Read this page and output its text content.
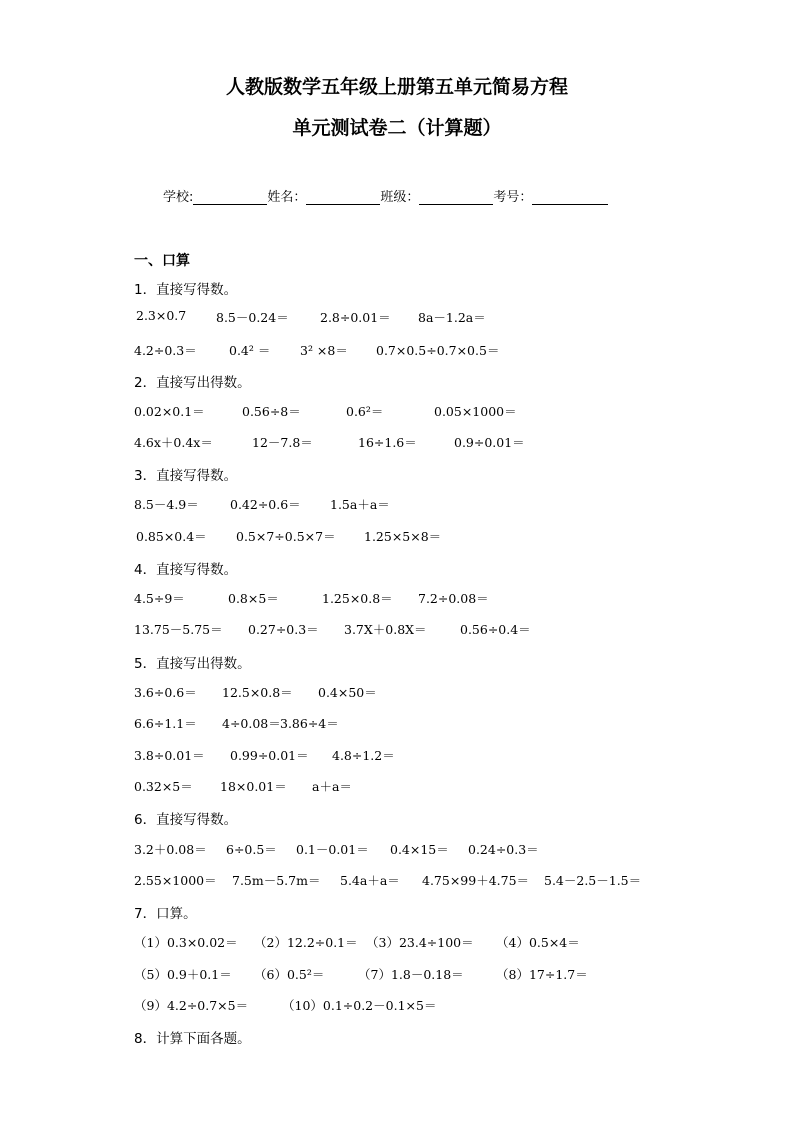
人教版数学五年级上册第五单元简易方程
单元测试卷二（计算题）
学校:	姓名：	班级：	考号：
一、口算
1．直接写得数。
2.3×0.7 8.5－0.24＝	2.8÷0.01＝ 8a－1.2a＝
4.2÷0.3＝	0.4² ＝ 3² ×8＝ 0.7×0.5÷0.7×0.5＝
2．直接写出得数。
0.02×0.1＝	0.56÷8＝	0.6²＝	0.05×1000＝
4.6x＋0.4x＝	12－7.8＝	16÷1.6＝	0.9÷0.01＝
3．直接写得数。
8.5－4.9＝ 0.42÷0.6＝ 1.5a＋a＝
0.85×0.4＝ 0.5×7÷0.5×7＝ 1.25×5×8＝
4．直接写得数。
4.5÷9＝	0.8×5＝	1.25×0.8＝ 7.2÷0.08＝
13.75－5.75＝ 0.27÷0.3＝ 3.7X＋0.8X＝	0.56÷0.4＝
5．直接写出得数。
3.6÷0.6＝ 12.5×0.8＝ 0.4×50＝
6.6÷1.1＝ 4÷0.08＝ 3.86÷4＝
3.8÷0.01＝ 0.99÷0.01＝ 4.8÷1.2＝
0.32×5＝ 18×0.01＝ a＋a＝
6．直接写得数。
3.2＋0.08＝ 6÷0.5＝ 0.1－0.01＝ 0.4×15＝ 0.24÷0.3＝
2.55×1000＝ 7.5m－5.7m＝ 5.4a＋a＝ 4.75×99＋4.75＝ 5.4－2.5－1.5＝
7．口算。
（1）0.3×0.02＝ （2）12.2÷0.1＝ （3）23.4÷100＝ （4）0.5×4＝
（5）0.9＋0.1＝ （6）0.5²＝	（7）1.8－0.18＝	（8）17÷1.7＝
（9）4.2÷0.7×5＝	（10）0.1÷0.2－0.1×5＝
8．计算下面各题。
